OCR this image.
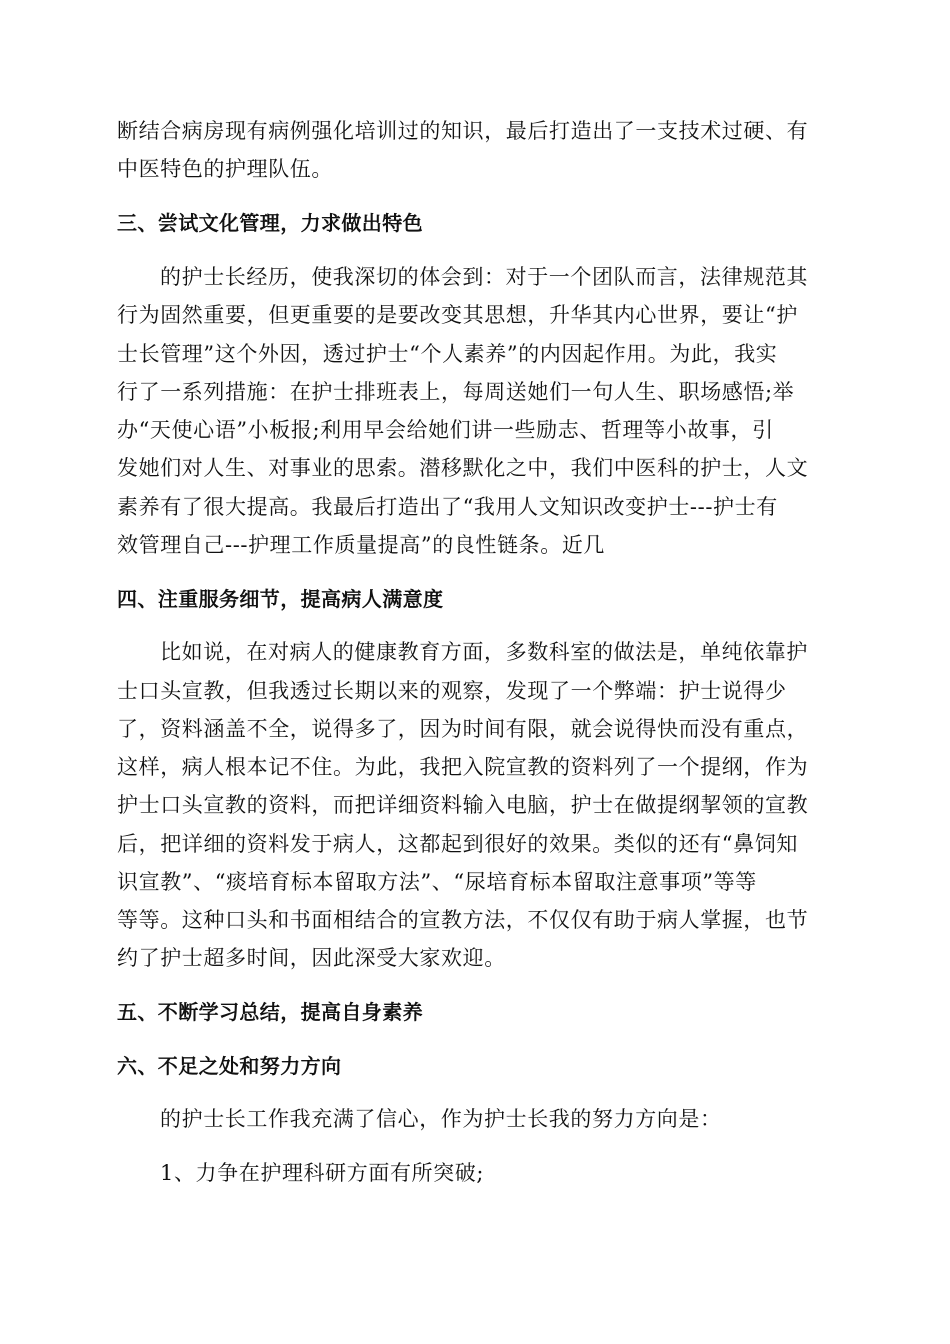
断结合病房现有病例强化培训过的知识，最后打造出了一支技术过硬、有
中医特色的护理队伍。
三、尝试文化管理，力求做出特色
的护士长经历，使我深切的体会到：对于一个团队而言，法律规范其
行为固然重要，但更重要的是要改变其思想，升华其内心世界，要让“护
士长管理”这个外因，透过护士“个人素养”的内因起作用。为此，我实
行了一系列措施：在护士排班表上，每周送她们一句人生、职场感悟;举
办“天使心语”小板报;利用早会给她们讲一些励志、哲理等小故事，引
发她们对人生、对事业的思索。潜移默化之中，我们中医科的护士，人文
素养有了很大提高。我最后打造出了“我用人文知识改变护士---护士有
效管理自己---护理工作质量提高”的良性链条。近几
四、注重服务细节，提高病人满意度
比如说，在对病人的健康教育方面，多数科室的做法是，单纯依靠护
士口头宣教，但我透过长期以来的观察，发现了一个弊端：护士说得少
了，资料涵盖不全，说得多了，因为时间有限，就会说得快而没有重点，
这样，病人根本记不住。为此，我把入院宣教的资料列了一个提纲，作为
护士口头宣教的资料，而把详细资料输入电脑，护士在做提纲挈领的宣教
后，把详细的资料发于病人，这都起到很好的效果。类似的还有“鼻饲知
识宣教”、“痰培育标本留取方法”、“尿培育标本留取注意事项”等等
等等。这种口头和书面相结合的宣教方法，不仅仅有助于病人掌握，也节
约了护士超多时间，因此深受大家欢迎。
五、不断学习总结，提高自身素养
六、不足之处和努力方向
的护士长工作我充满了信心，作为护士长我的努力方向是：
1、力争在护理科研方面有所突破;
